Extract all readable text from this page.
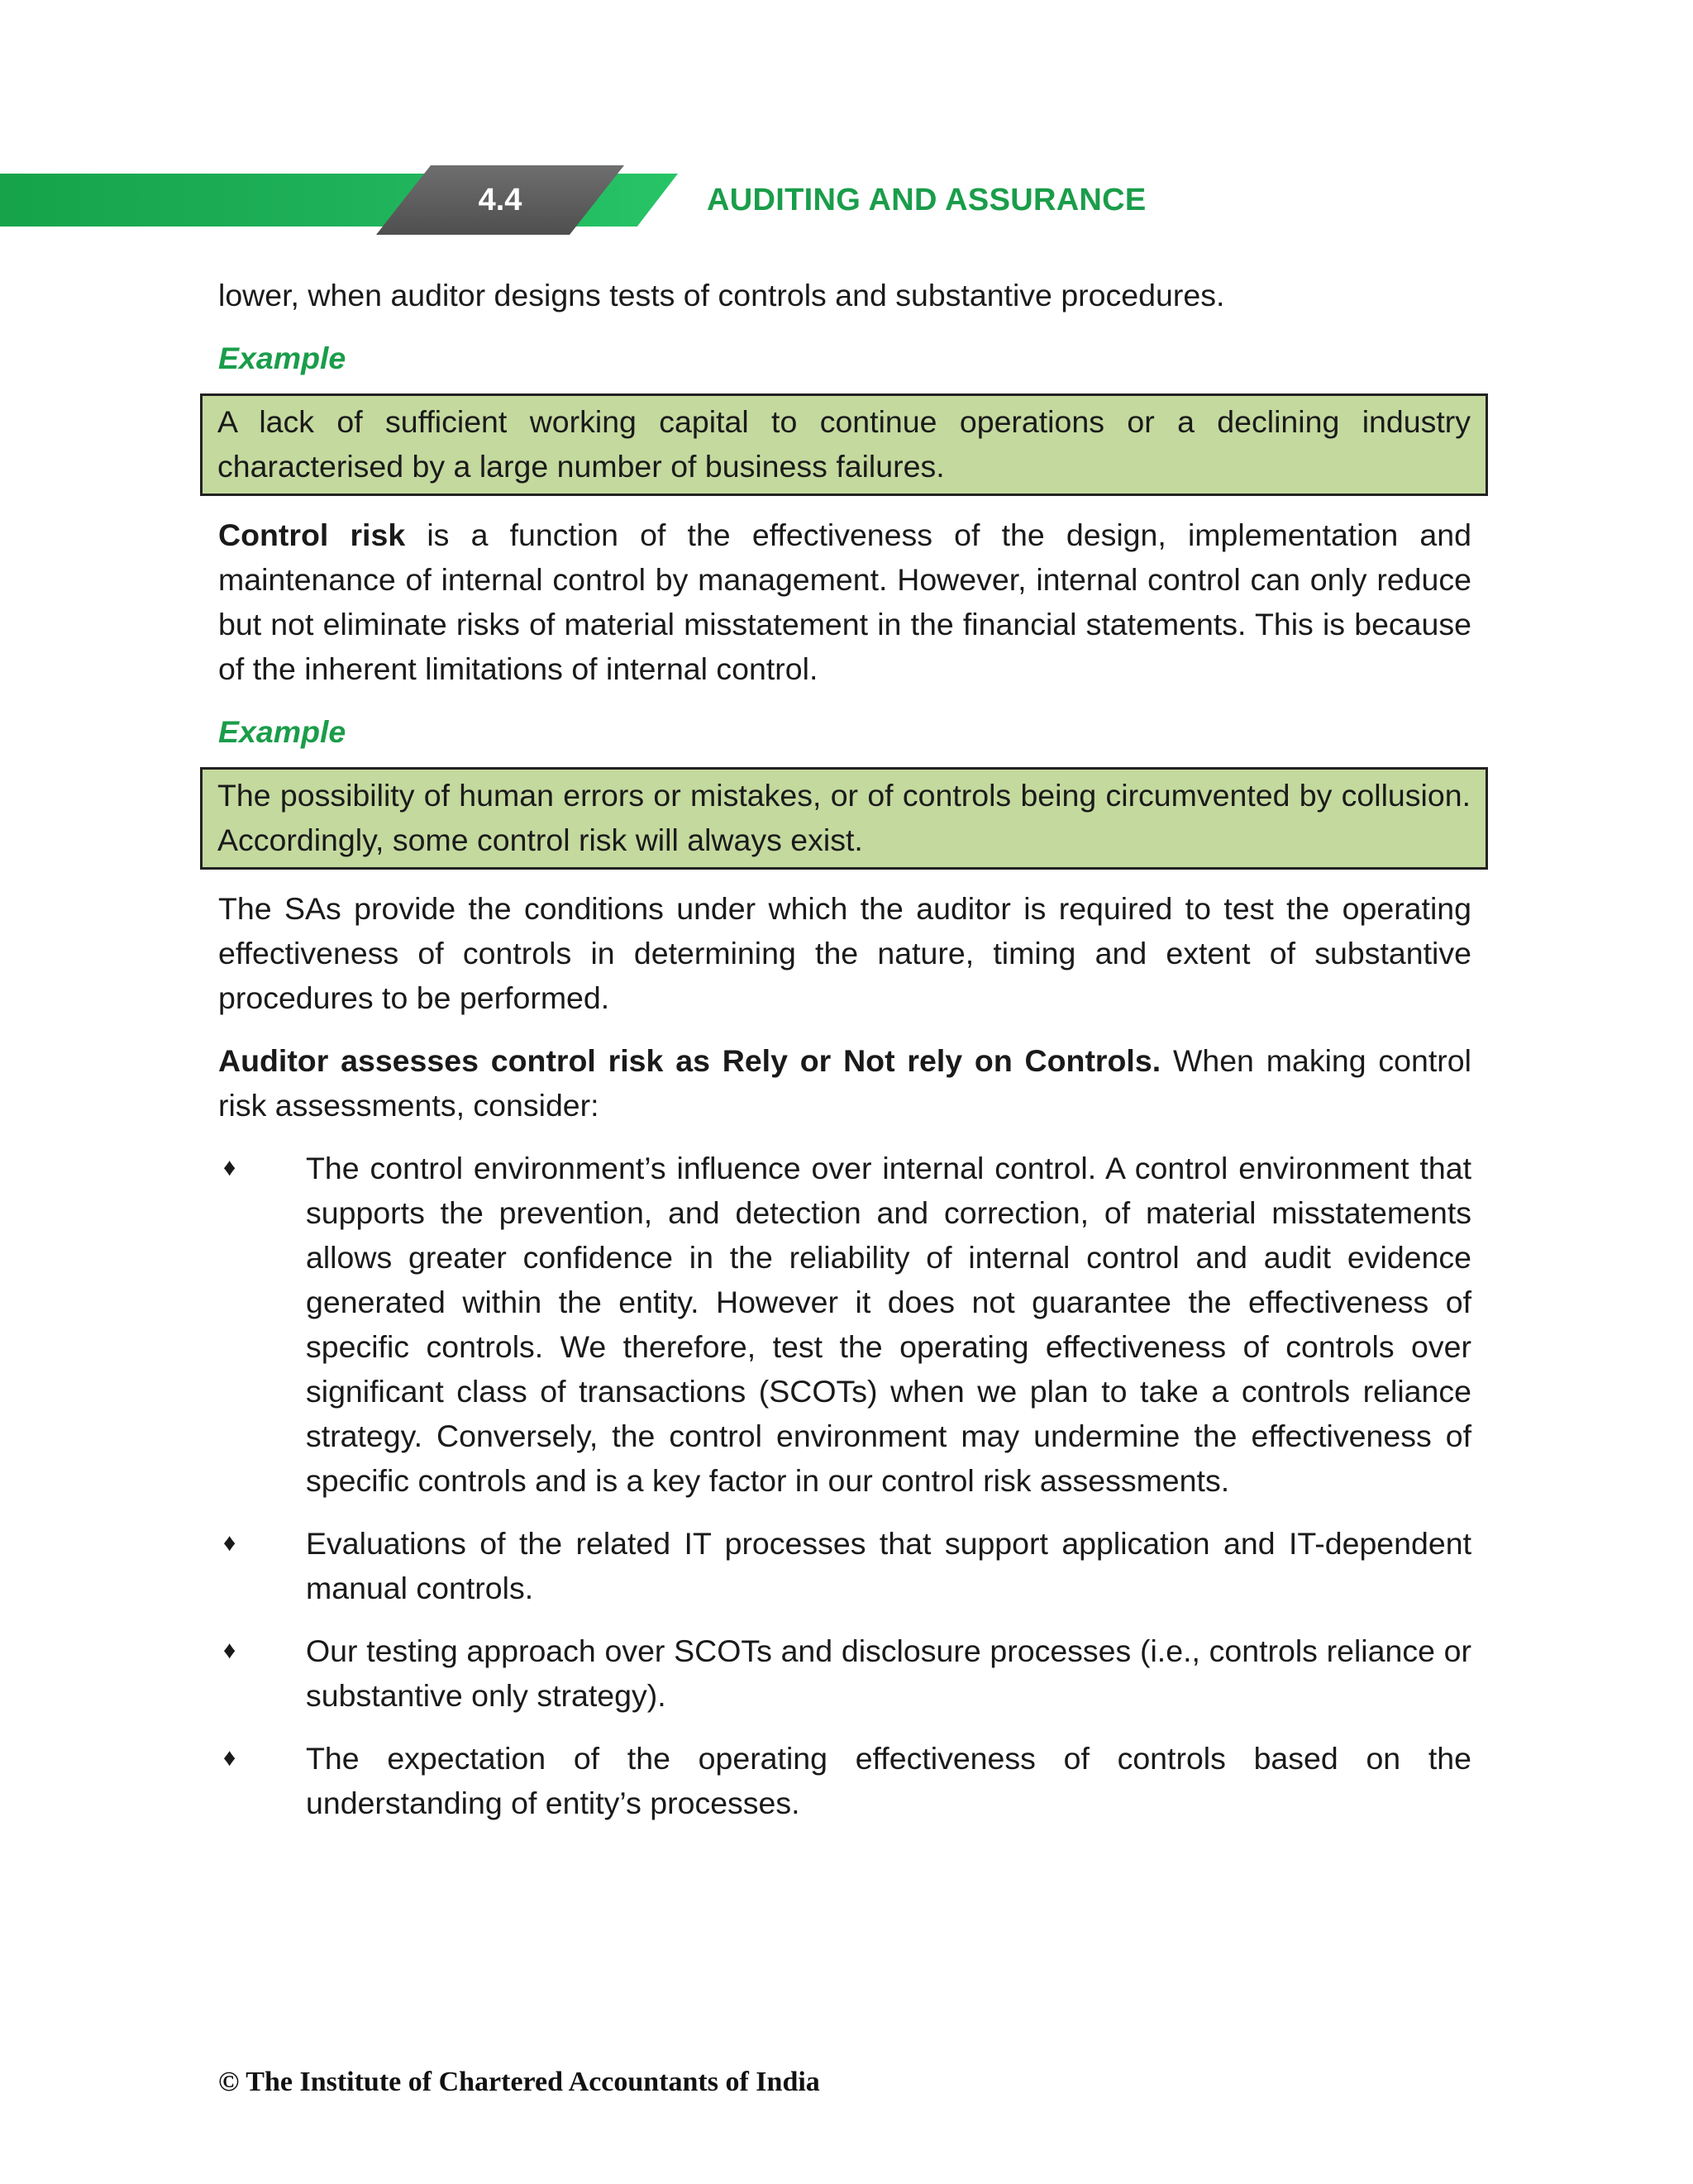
4.4	AUDITING AND ASSURANCE

lower, when auditor designs tests of controls and substantive procedures.

Example
A lack of sufficient working capital to continue operations or a declining industry characterised by a large number of business failures.

Control risk is a function of the effectiveness of the design, implementation and maintenance of internal control by management. However, internal control can only reduce but not eliminate risks of material misstatement in the financial statements. This is because of the inherent limitations of internal control.

Example
The possibility of human errors or mistakes, or of controls being circumvented by collusion. Accordingly, some control risk will always exist.

The SAs provide the conditions under which the auditor is required to test the operating effectiveness of controls in determining the nature, timing and extent of substantive procedures to be performed.

Auditor assesses control risk as Rely or Not rely on Controls. When making control risk assessments, consider:

♦ The control environment’s influence over internal control. A control environment that supports the prevention, and detection and correction, of material misstatements allows greater confidence in the reliability of internal control and audit evidence generated within the entity. However it does not guarantee the effectiveness of specific controls. We therefore, test the operating effectiveness of controls over significant class of transactions (SCOTs) when we plan to take a controls reliance strategy. Conversely, the control environment may undermine the effectiveness of specific controls and is a key factor in our control risk assessments.
♦ Evaluations of the related IT processes that support application and IT-dependent manual controls.
♦ Our testing approach over SCOTs and disclosure processes (i.e., controls reliance or substantive only strategy).
♦ The expectation of the operating effectiveness of controls based on the understanding of entity’s processes.
© The Institute of Chartered Accountants of India
